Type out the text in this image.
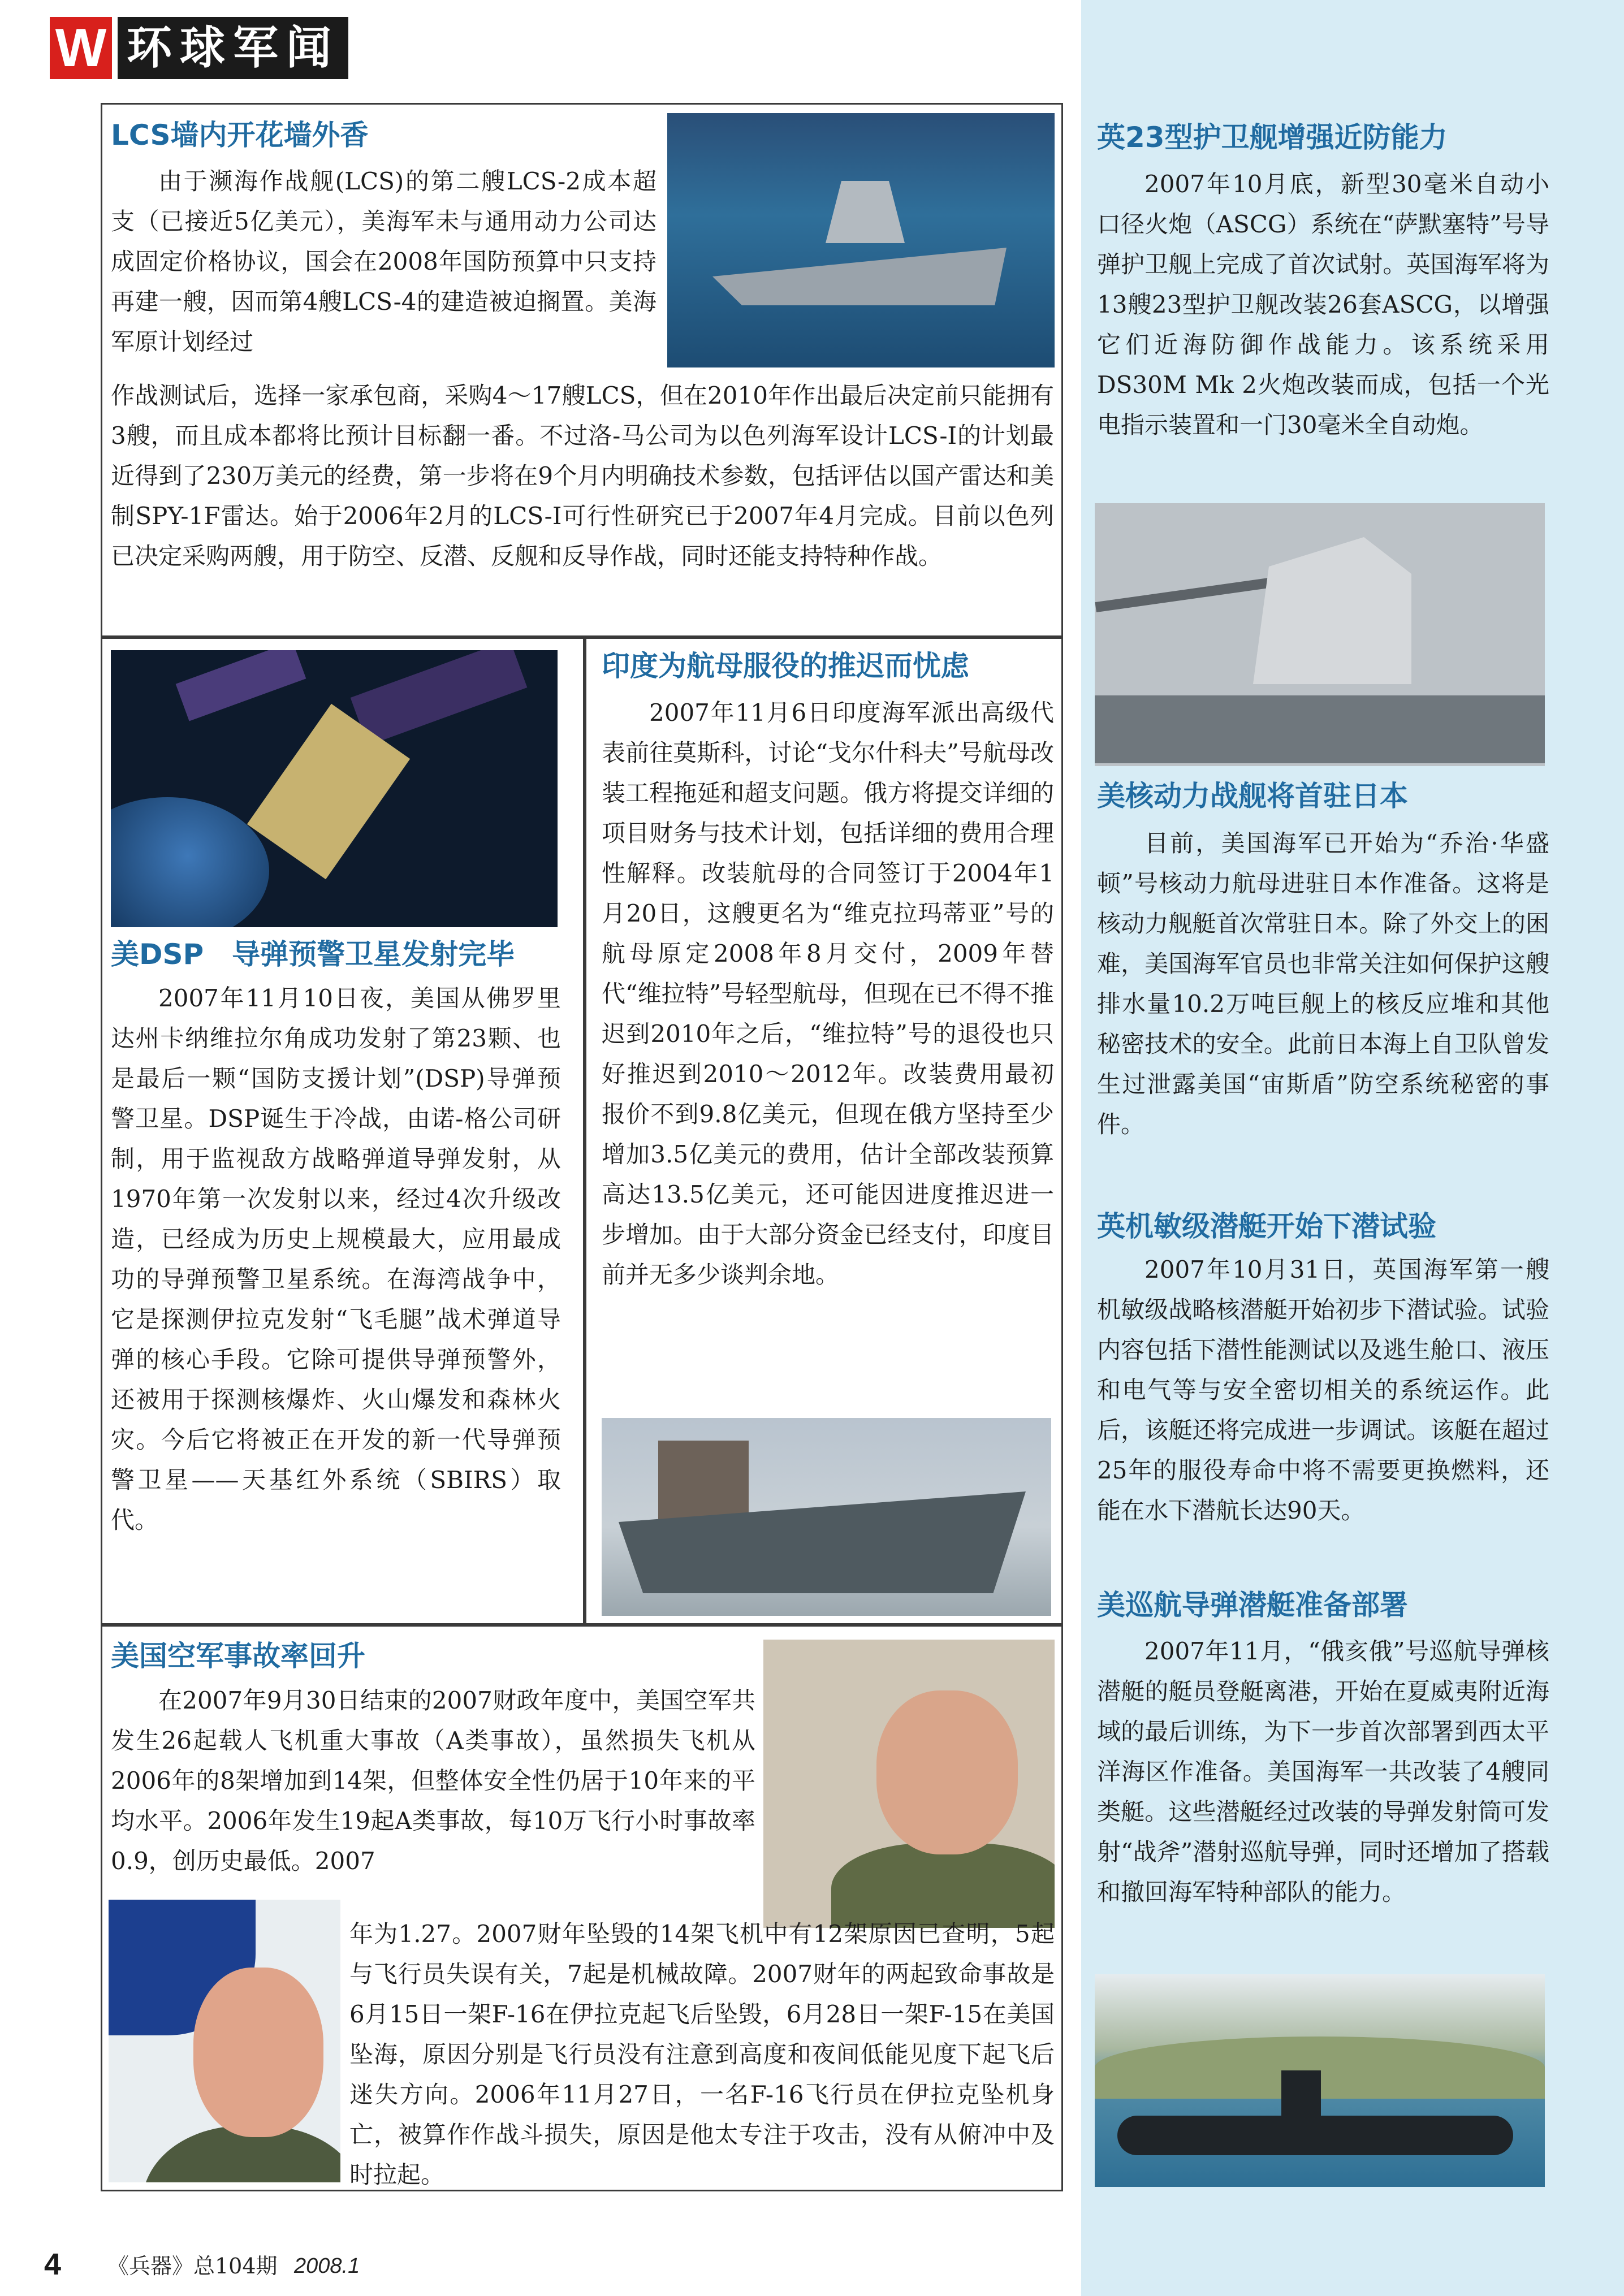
W 环球军闻
LCS墙内开花墙外香
由于濒海作战舰(LCS)的第二艘LCS-2成本超支（已接近5亿美元），美海军未与通用动力公司达成固定价格协议，国会在2008年国防预算中只支持再建一艘，因而第4艘LCS-4的建造被迫搁置。美海军原计划经过
作战测试后，选择一家承包商，采购4～17艘LCS，但在2010年作出最后决定前只能拥有3艘，而且成本都将比预计目标翻一番。不过洛-马公司为以色列海军设计LCS-I的计划最近得到了230万美元的经费，第一步将在9个月内明确技术参数，包括评估以国产雷达和美制SPY-1F雷达。始于2006年2月的LCS-I可行性研究已于2007年4月完成。目前以色列已决定采购两艘，用于防空、反潜、反舰和反导作战，同时还能支持特种作战。
美DSP　导弹预警卫星发射完毕
2007年11月10日夜，美国从佛罗里达州卡纳维拉尔角成功发射了第23颗、也是最后一颗“国防支援计划”(DSP)导弹预警卫星。DSP诞生于冷战，由诺-格公司研制，用于监视敌方战略弹道导弹发射，从1970年第一次发射以来，经过4次升级改造，已经成为历史上规模最大，应用最成功的导弹预警卫星系统。在海湾战争中，它是探测伊拉克发射“飞毛腿”战术弹道导弹的核心手段。它除可提供导弹预警外，还被用于探测核爆炸、火山爆发和森林火灾。今后它将被正在开发的新一代导弹预警卫星——天基红外系统（SBIRS）取代。
印度为航母服役的推迟而忧虑
2007年11月6日印度海军派出高级代表前往莫斯科，讨论“戈尔什科夫”号航母改装工程拖延和超支问题。俄方将提交详细的项目财务与技术计划，包括详细的费用合理性解释。改装航母的合同签订于2004年1月20日，这艘更名为“维克拉玛蒂亚”号的航母原定2008年8月交付，2009年替代“维拉特”号轻型航母，但现在已不得不推迟到2010年之后，“维拉特”号的退役也只好推迟到2010～2012年。改装费用最初报价不到9.8亿美元，但现在俄方坚持至少增加3.5亿美元的费用，估计全部改装预算高达13.5亿美元，还可能因进度推迟进一步增加。由于大部分资金已经支付，印度目前并无多少谈判余地。
美国空军事故率回升
在2007年9月30日结束的2007财政年度中，美国空军共发生26起载人飞机重大事故（A类事故），虽然损失飞机从2006年的8架增加到14架，但整体安全性仍居于10年来的平均水平。2006年发生19起A类事故，每10万飞行小时事故率0.9，创历史最低。2007
年为1.27。2007财年坠毁的14架飞机中有12架原因已查明，5起与飞行员失误有关，7起是机械故障。2007财年的两起致命事故是6月15日一架F-16在伊拉克起飞后坠毁，6月28日一架F-15在美国坠海，原因分别是飞行员没有注意到高度和夜间低能见度下起飞后迷失方向。2006年11月27日，一名F-16飞行员在伊拉克坠机身亡，被算作作战斗损失，原因是他太专注于攻击，没有从俯冲中及时拉起。
英23型护卫舰增强近防能力
2007年10月底，新型30毫米自动小口径火炮（ASCG）系统在“萨默塞特”号导弹护卫舰上完成了首次试射。英国海军将为13艘23型护卫舰改装26套ASCG，以增强它们近海防御作战能力。该系统采用DS30M Mk 2火炮改装而成，包括一个光电指示装置和一门30毫米全自动炮。
美核动力战舰将首驻日本
目前，美国海军已开始为“乔治·华盛顿”号核动力航母进驻日本作准备。这将是核动力舰艇首次常驻日本。除了外交上的困难，美国海军官员也非常关注如何保护这艘排水量10.2万吨巨舰上的核反应堆和其他秘密技术的安全。此前日本海上自卫队曾发生过泄露美国“宙斯盾”防空系统秘密的事件。
英机敏级潜艇开始下潜试验
2007年10月31日，英国海军第一艘机敏级战略核潜艇开始初步下潜试验。试验内容包括下潜性能测试以及逃生舱口、液压和电气等与安全密切相关的系统运作。此后，该艇还将完成进一步调试。该艇在超过25年的服役寿命中将不需要更换燃料，还能在水下潜航长达90天。
美巡航导弹潜艇准备部署
2007年11月，“俄亥俄”号巡航导弹核潜艇的艇员登艇离港，开始在夏威夷附近海域的最后训练，为下一步首次部署到西太平洋海区作准备。美国海军一共改装了4艘同类艇。这些潜艇经过改装的导弹发射筒可发射“战斧”潜射巡航导弹，同时还增加了搭载和撤回海军特种部队的能力。
4 《兵器》总104期 2008.1
